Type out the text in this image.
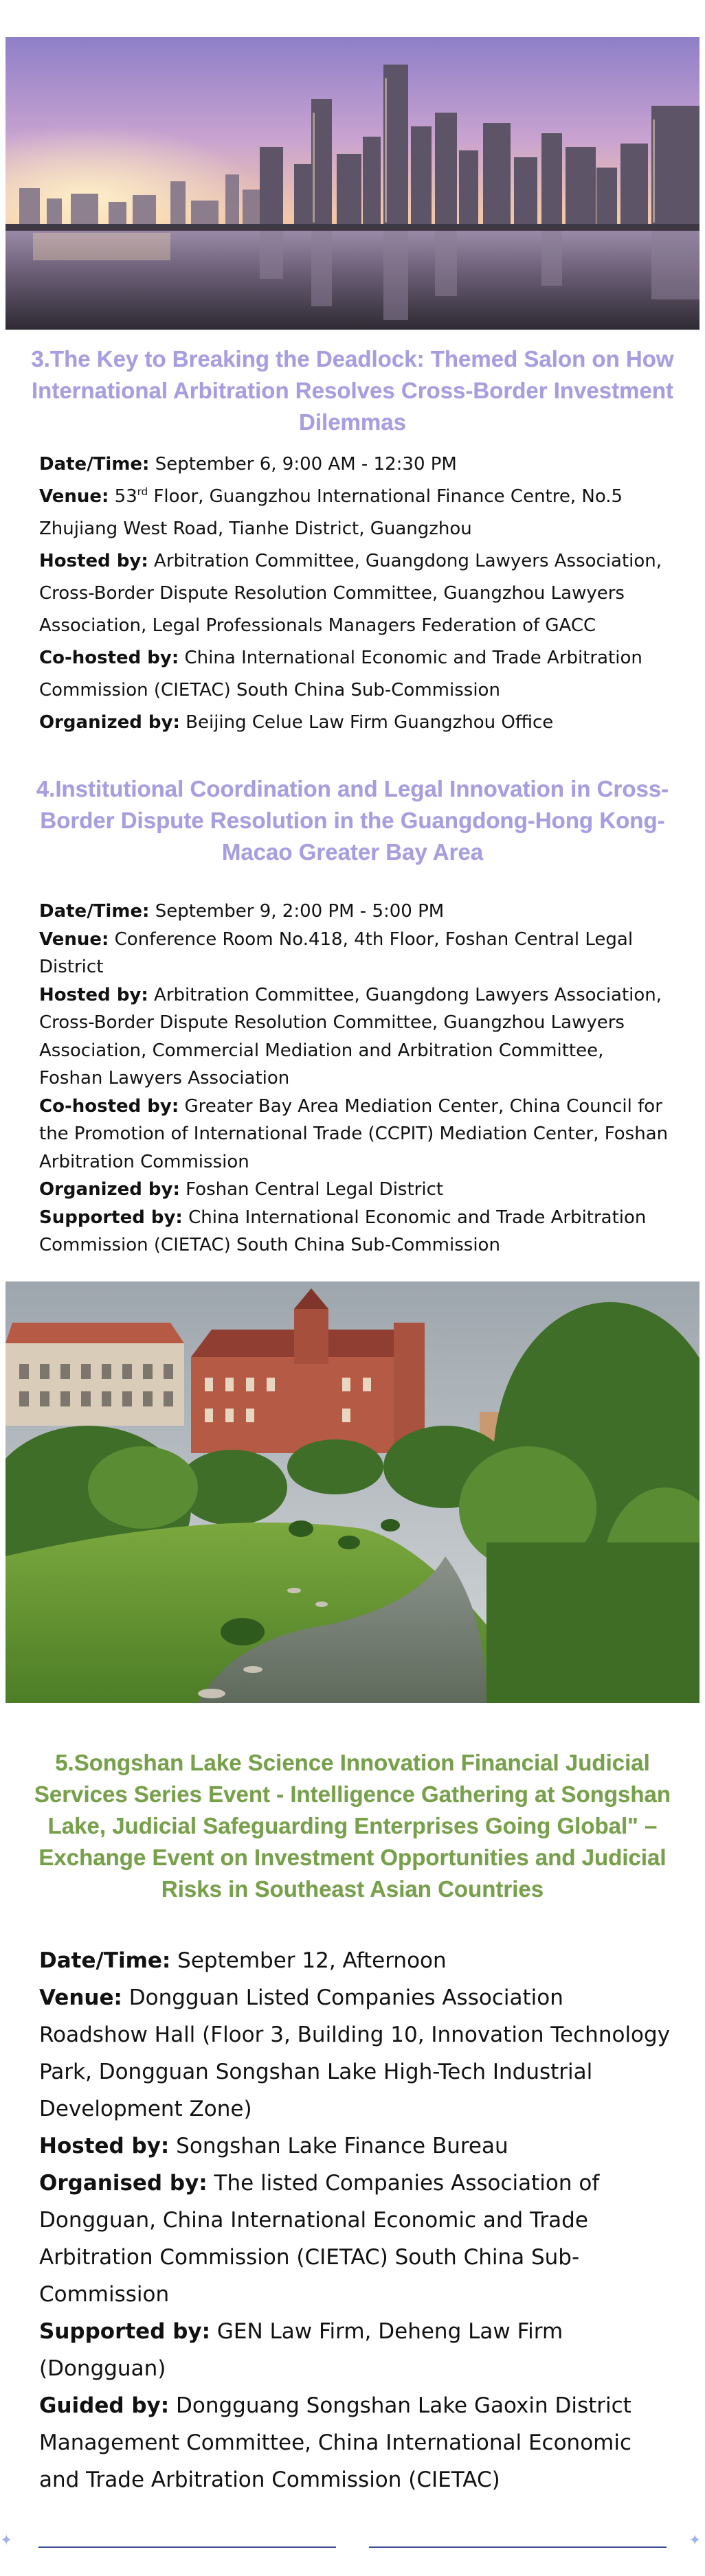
3.The Key to Breaking the Deadlock: Themed Salon on How International Arbitration Resolves Cross-Border Investment Dilemmas

Date/Time: September 6, 9:00 AM - 12:30 PM

Venue: 53rd Floor, Guangzhou International Finance Centre, No.5 Zhujiang West Road, Tianhe District, Guangzhou

Hosted by: Arbitration Committee, Guangdong Lawyers Association, Cross-Border Dispute Resolution Committee, Guangzhou Lawyers Association, Legal Professionals Managers Federation of GACC

Co-hosted by: China International Economic and Trade Arbitration Commission (CIETAC) South China Sub-Commission

Organized by: Beijing Celue Law Firm Guangzhou Office

4.Institutional Coordination and Legal Innovation in Cross-Border Dispute Resolution in the Guangdong-Hong Kong-Macao Greater Bay Area

Date/Time: September 9, 2:00 PM - 5:00 PM

Venue: Conference Room No.418, 4th Floor, Foshan Central Legal District

Hosted by: Arbitration Committee, Guangdong Lawyers Association, Cross-Border Dispute Resolution Committee, Guangzhou Lawyers Association, Commercial Mediation and Arbitration Committee, Foshan Lawyers Association

Co-hosted by: Greater Bay Area Mediation Center, China Council for the Promotion of International Trade (CCPIT) Mediation Center, Foshan Arbitration Commission

Organized by: Foshan Central Legal District

Supported by: China International Economic and Trade Arbitration Commission (CIETAC) South China Sub-Commission

5.Songshan Lake Science Innovation Financial Judicial Services Series Event - Intelligence Gathering at Songshan Lake, Judicial Safeguarding Enterprises Going Global" – Exchange Event on Investment Opportunities and Judicial Risks in Southeast Asian Countries

Date/Time: September 12, Afternoon

Venue: Dongguan Listed Companies Association Roadshow Hall (Floor 3, Building 10, Innovation Technology Park, Dongguan Songshan Lake High-Tech Industrial Development Zone)

Hosted by: Songshan Lake Finance Bureau

Organised by: The listed Companies Association of Dongguan, China International Economic and Trade Arbitration Commission (CIETAC) South China Sub-Commission

Supported by: GEN Law Firm, Deheng Law Firm (Dongguan)

Guided by: Dongguang Songshan Lake Gaoxin District Management Committee, China International Economic and Trade Arbitration Commission (CIETAC)

✦	✦
